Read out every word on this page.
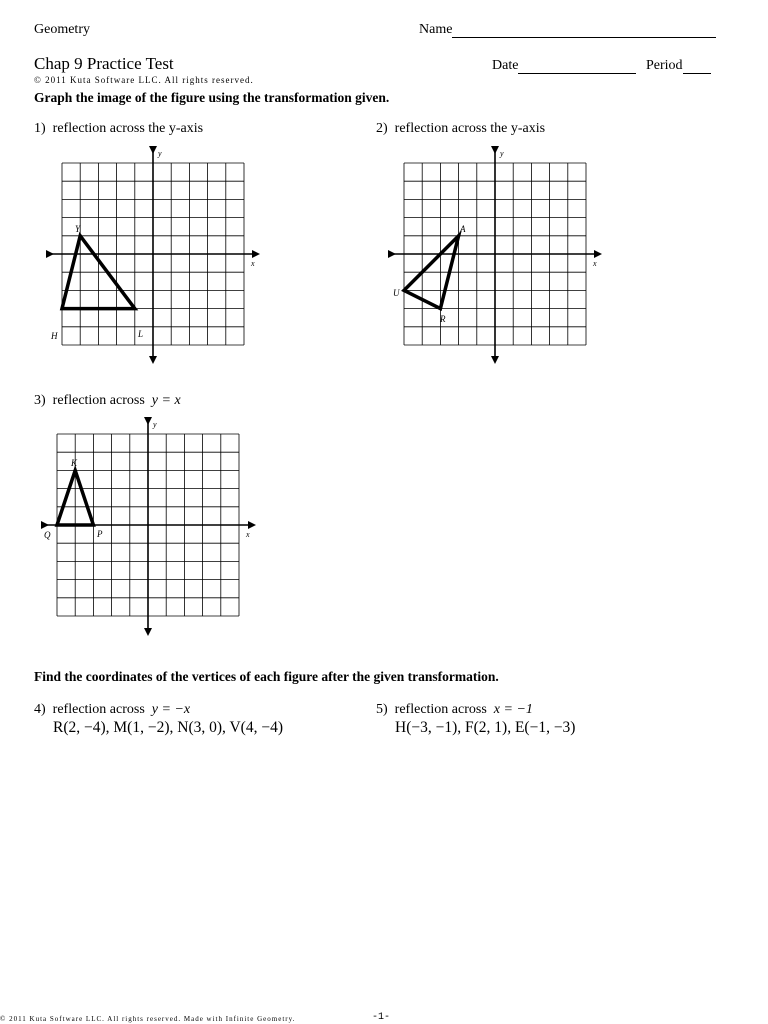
Geometry	Name
Chap 9 Practice Test	Date	Period
© 2011 Kuta Software LLC. All rights reserved.
Graph the image of the figure using the transformation given.
1) reflection across the y-axis	2) reflection across the y-axis
x
y
Y
L
H
x
y
A
R
U
x
y
K
P
Q
3) reflection across y = x
Find the coordinates of the vertices of each figure after the given transformation.
4) reflection across y = −x
R(2, −4), M(1, −2), N(3, 0), V(4, −4)
5) reflection across x = −1
H(−3, −1), F(2, 1), E(−1, −3)
© 2011 Kuta Software LLC. All rights reserved. Made with Infinite Geometry.	-1-
